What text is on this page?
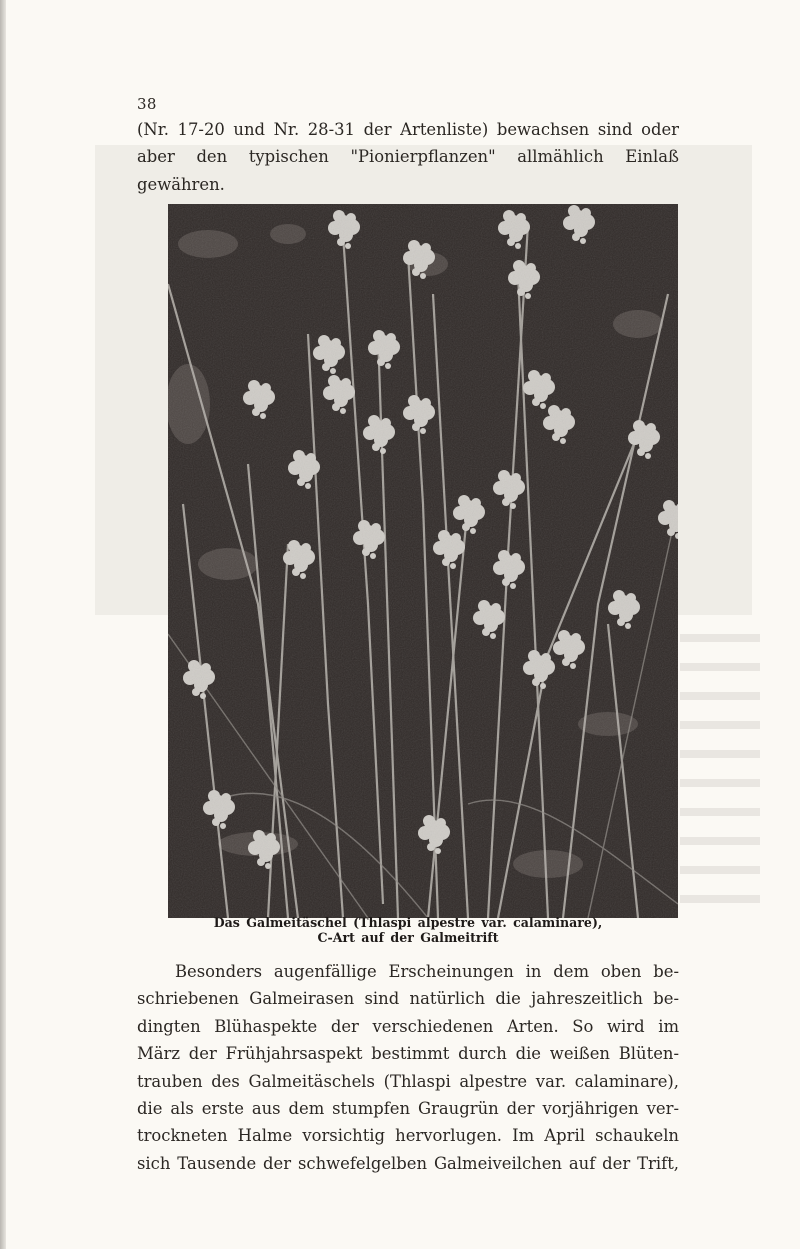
38
(Nr. 17-20 und Nr. 28-31 der Artenliste) bewachsen sind oder
aber den typischen "Pionierpflanzen" allmählich Einlaß
gewähren.
Das Galmeitäschel (Thlaspi alpestre var. calaminare),
C-Art auf der Galmeitrift
Besonders augenfällige Erscheinungen in dem oben be-
schriebenen Galmeirasen sind natürlich die jahreszeitlich be-
dingten Blühaspekte der verschiedenen Arten. So wird im
März der Frühjahrsaspekt bestimmt durch die weißen Blüten-
trauben des Galmeitäschels (Thlaspi alpestre var. calaminare),
die als erste aus dem stumpfen Graugrün der vorjährigen ver-
trockneten Halme vorsichtig hervorlugen. Im April schaukeln
sich Tausende der schwefelgelben Galmeiveilchen auf der Trift,
